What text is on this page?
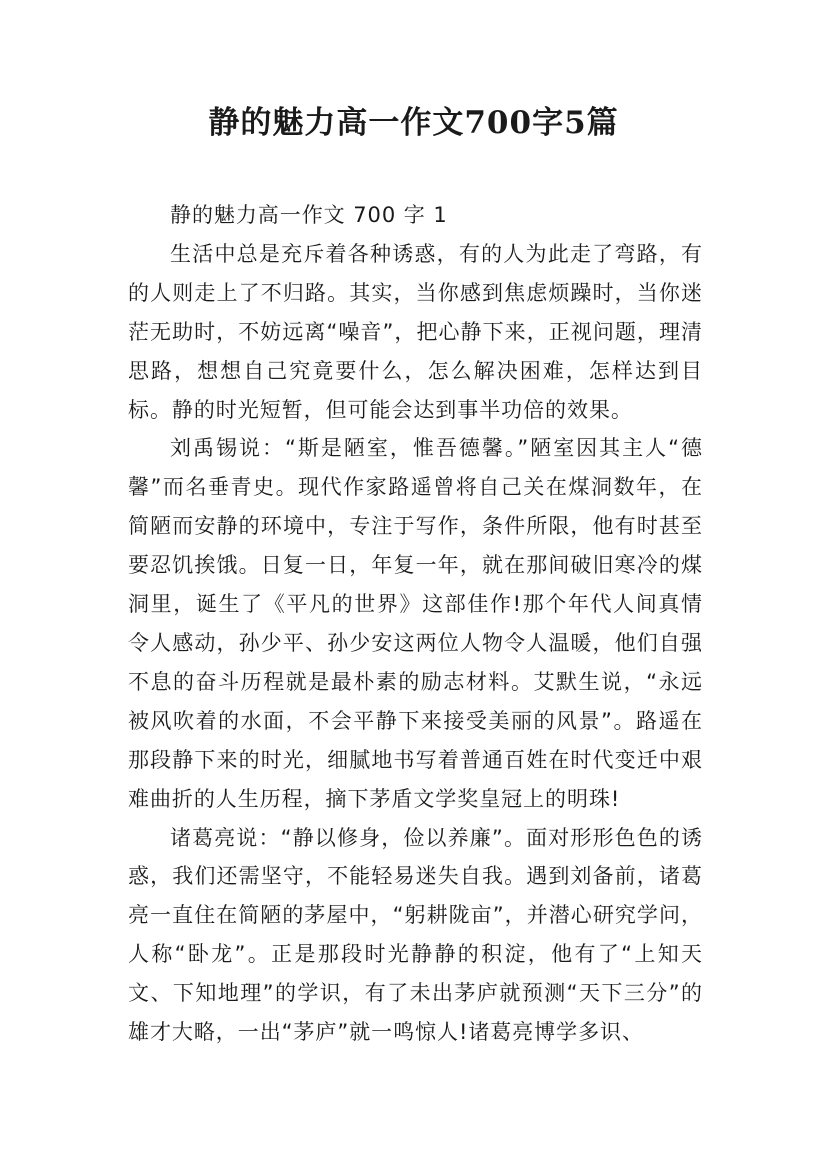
静的魅力高一作文700字5篇

静的魅力高一作文 700 字 1

生活中总是充斥着各种诱惑，有的人为此走了弯路，有的人则走上了不归路。其实，当你感到焦虑烦躁时，当你迷茫无助时，不妨远离“噪音”，把心静下来，正视问题，理清思路，想想自己究竟要什么，怎么解决困难，怎样达到目标。静的时光短暂，但可能会达到事半功倍的效果。

刘禹锡说：“斯是陋室，惟吾德馨。”陋室因其主人“德馨”而名垂青史。现代作家路遥曾将自己关在煤洞数年，在简陋而安静的环境中，专注于写作，条件所限，他有时甚至要忍饥挨饿。日复一日，年复一年，就在那间破旧寒冷的煤洞里，诞生了《平凡的世界》这部佳作!那个年代人间真情令人感动，孙少平、孙少安这两位人物令人温暖，他们自强不息的奋斗历程就是最朴素的励志材料。艾默生说，“永远被风吹着的水面，不会平静下来接受美丽的风景”。路遥在那段静下来的时光，细腻地书写着普通百姓在时代变迁中艰难曲折的人生历程，摘下茅盾文学奖皇冠上的明珠!

诸葛亮说：“静以修身，俭以养廉”。面对形形色色的诱惑，我们还需坚守，不能轻易迷失自我。遇到刘备前，诸葛亮一直住在简陋的茅屋中，“躬耕陇亩”，并潜心研究学问，人称“卧龙”。正是那段时光静静的积淀，他有了“上知天文、下知地理”的学识，有了未出茅庐就预测“天下三分”的雄才大略，一出“茅庐”就一鸣惊人!诸葛亮博学多识、
